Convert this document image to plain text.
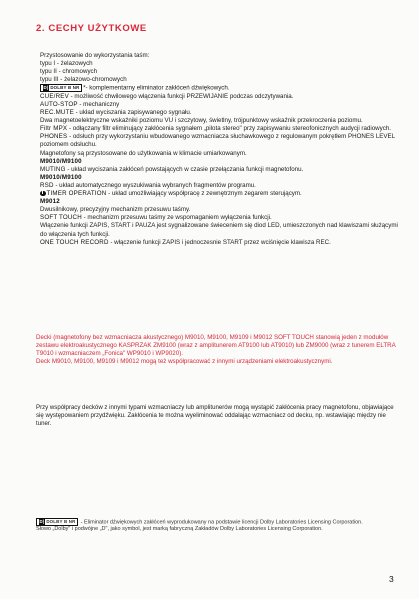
2. CECHY UŻYTKOWE
Przystosowanie do wykorzystania taśm:
typu I - żelazowych
typu II - chromowych
typu III - żelazowo-chromowych
D| DOLBY B NR *- komplementarny eliminator zakłóceń dźwiękowych.
CUE/REV - możliwość chwilowego włączenia funkcji PRZEWIJANIE podczas odczytywania.
AUTO-STOP - mechaniczny
REC.MUTE - układ wyciszania zapisywanego sygnału.
Dwa magnetoelektryczne wskaźniki poziomu VU i szczytowy, świetlny, trójpunktowy wskaźnik przekroczenia poziomu.
Filtr MPX - odłączany filtr eliminujący zakłócenia sygnałem „pilota stereo" przy zapisywaniu stereofonicznych audycji radiowych.
PHONES - odsłuch przy wykorzystaniu wbudowanego wzmacniacza słuchawkowego z regulowanym pokrętłem PHONES LEVEL poziomem odsłuchu.
Magnetofony są przystosowane do użytkowania w klimacie umiarkowanym.
M9010/M9100
MUTING - układ wyciszania zakłóceń powstających w czasie przełączania funkcji magnetofonu.
M9010/M9100
RSD - układ automatycznego wyszukiwania wybranych fragmentów programu.
TIMER OPERATION - układ umożliwiający współpracę z zewnętrznym zegarem sterującym.
M9012
Dwusilnikowy, precyzyjny mechanizm przesuwu taśmy.
SOFT TOUCH - mechanizm przesuwu taśmy ze wspomaganiem wyłączenia funkcji.
Włączenie funkcji ZAPIS, START i PAUZA jest sygnalizowane świeceniem się diod LED, umieszczonych nad klawiszami służącymi do włączenia tych funkcji.
ONE TOUCH RECORD - włączenie funkcji ZAPIS i jednoczesnie START przez wciśnięcie klawisza REC.

Decki (magnetofony bez wzmacniacza akustycznego) M9010, M9100, M9109 i M9012 SOFT TOUCH stanowią jeden z modułów zestawu elektroakustycznego KASPRZAK ZM9100 (wraz z amplitunerem AT9100 lub AT9010) lub ZM9000 (wraz z tunerem ELTRA T9010 i wzmacniaczem „Fonica" WP9010 i WP9020).

Deck M9010, M9100, M9109 i M9012 mogą też współpracować z innymi urządzeniami elektroakustycznymi.

Przy współpracy decków z innymi typami wzmacniaczy lub amplitunerów mogą wystąpić zakłócenia pracy magnetofonu, objawiające się występowaniem przydźwięku. Zakłócenia te można wyeliminować oddalając wzmacniacz od decku, np. wstawiając między nie tuner.

D| DOLBY B NR - Eliminator dźwiękowych zakłóceń wyprodukowany na podstawie licencji Dolby Laboratories Licensing Corporation.

Słowo „Dolby" i podwójne „D", jako symbol, jest marką fabryczną Zakładów Dolby Laboratories Licensing Corporation.

3
